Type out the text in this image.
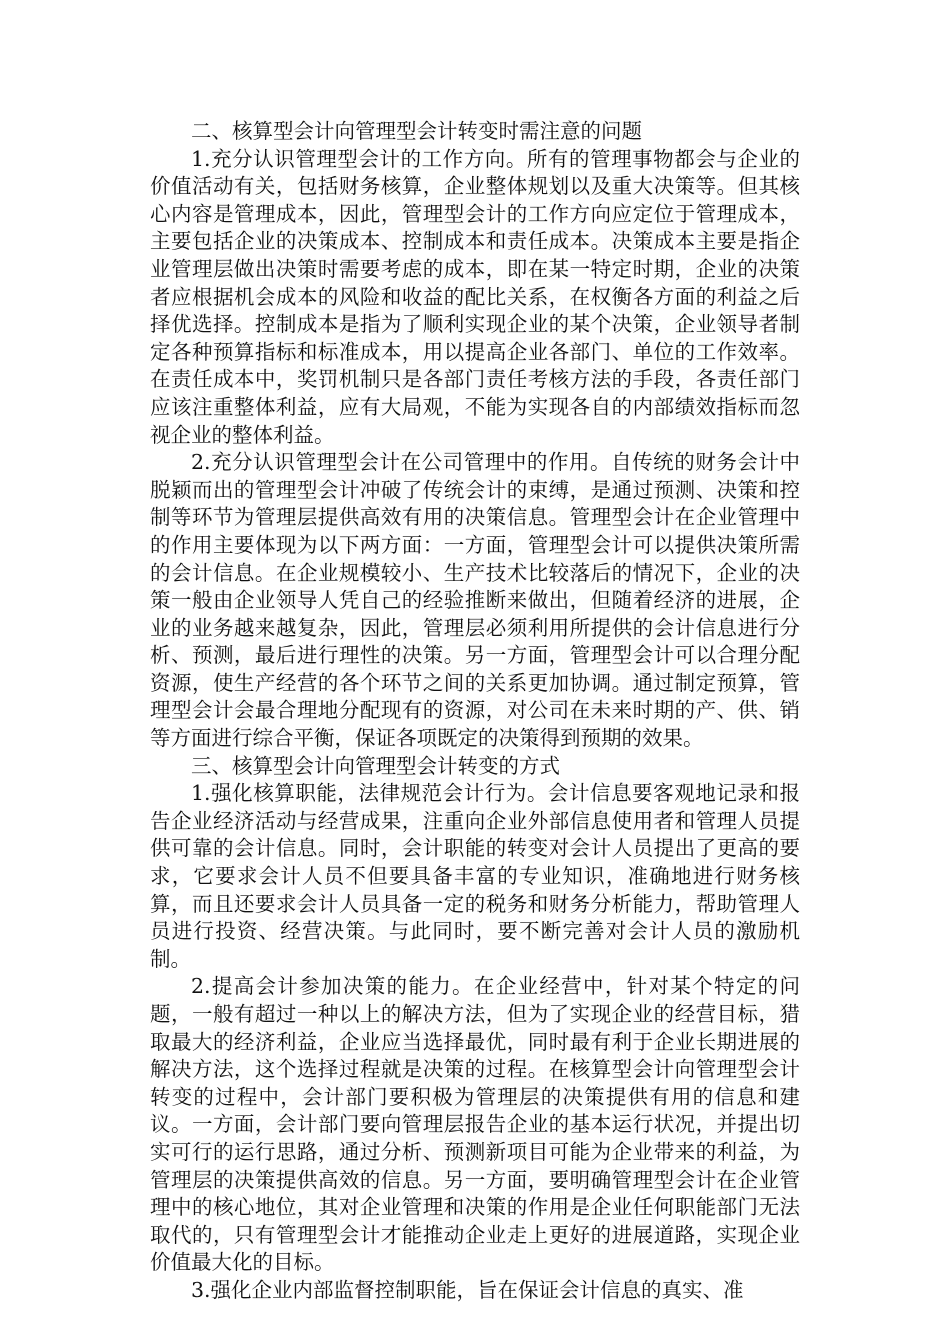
二、核算型会计向管理型会计转变时需注意的问题

1.充分认识管理型会计的工作方向。所有的管理事物都会与企业的价值活动有关，包括财务核算，企业整体规划以及重大决策等。但其核心内容是管理成本，因此，管理型会计的工作方向应定位于管理成本，主要包括企业的决策成本、控制成本和责任成本。决策成本主要是指企业管理层做出决策时需要考虑的成本，即在某一特定时期，企业的决策者应根据机会成本的风险和收益的配比关系，在权衡各方面的利益之后择优选择。控制成本是指为了顺利实现企业的某个决策，企业领导者制定各种预算指标和标准成本，用以提高企业各部门、单位的工作效率。在责任成本中，奖罚机制只是各部门责任考核方法的手段，各责任部门应该注重整体利益，应有大局观，不能为实现各自的内部绩效指标而忽视企业的整体利益。

2.充分认识管理型会计在公司管理中的作用。自传统的财务会计中脱颖而出的管理型会计冲破了传统会计的束缚，是通过预测、决策和控制等环节为管理层提供高效有用的决策信息。管理型会计在企业管理中的作用主要体现为以下两方面：一方面，管理型会计可以提供决策所需的会计信息。在企业规模较小、生产技术比较落后的情况下，企业的决策一般由企业领导人凭自己的经验推断来做出，但随着经济的进展，企业的业务越来越复杂，因此，管理层必须利用所提供的会计信息进行分析、预测，最后进行理性的决策。另一方面，管理型会计可以合理分配资源，使生产经营的各个环节之间的关系更加协调。通过制定预算，管理型会计会最合理地分配现有的资源，对公司在未来时期的产、供、销等方面进行综合平衡，保证各项既定的决策得到预期的效果。

三、核算型会计向管理型会计转变的方式

1.强化核算职能，法律规范会计行为。会计信息要客观地记录和报告企业经济活动与经营成果，注重向企业外部信息使用者和管理人员提供可靠的会计信息。同时，会计职能的转变对会计人员提出了更高的要求，它要求会计人员不但要具备丰富的专业知识，准确地进行财务核算，而且还要求会计人员具备一定的税务和财务分析能力，帮助管理人员进行投资、经营决策。与此同时，要不断完善对会计人员的激励机制。

2.提高会计参加决策的能力。在企业经营中，针对某个特定的问题，一般有超过一种以上的解决方法，但为了实现企业的经营目标，猎取最大的经济利益，企业应当选择最优，同时最有利于企业长期进展的解决方法，这个选择过程就是决策的过程。在核算型会计向管理型会计转变的过程中，会计部门要积极为管理层的决策提供有用的信息和建议。一方面，会计部门要向管理层报告企业的基本运行状况，并提出切实可行的运行思路，通过分析、预测新项目可能为企业带来的利益，为管理层的决策提供高效的信息。另一方面，要明确管理型会计在企业管理中的核心地位，其对企业管理和决策的作用是企业任何职能部门无法取代的，只有管理型会计才能推动企业走上更好的进展道路，实现企业价值最大化的目标。

3.强化企业内部监督控制职能，旨在保证会计信息的真实、准
